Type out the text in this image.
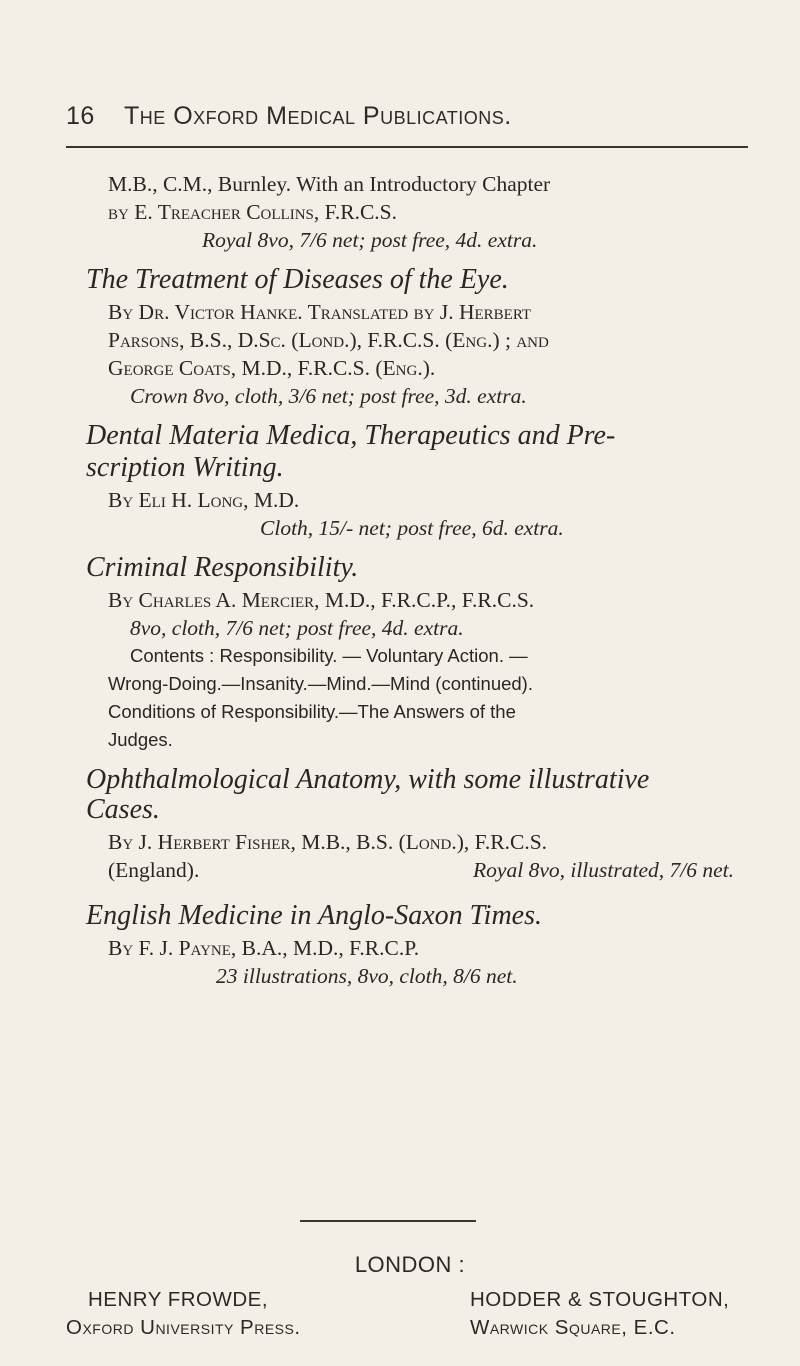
16 The Oxford Medical Publications.
M.B., C.M., Burnley. With an Introductory Chapter
by E. Treacher Collins, F.R.C.S.
Royal 8vo, 7/6 net; post free, 4d. extra.
The Treatment of Diseases of the Eye.
By Dr. Victor Hanke. Translated by J. Herbert
Parsons, B.S., D.Sc. (Lond.), F.R.C.S. (Eng.) ; and
George Coats, M.D., F.R.C.S. (Eng.).
Crown 8vo, cloth, 3/6 net; post free, 3d. extra.
Dental Materia Medica, Therapeutics and Pre-
scription Writing.
By Eli H. Long, M.D.
Cloth, 15/- net; post free, 6d. extra.
Criminal Responsibility.
By Charles A. Mercier, M.D., F.R.C.P., F.R.C.S.
8vo, cloth, 7/6 net; post free, 4d. extra.
Contents : Responsibility. — Voluntary Action. —
Wrong-Doing.—Insanity.—Mind.—Mind (continued).
Conditions of Responsibility.—The Answers of the
Judges.
Ophthalmological Anatomy, with some illustrative
Cases.
By J. Herbert Fisher, M.B., B.S. (Lond.), F.R.C.S.
(England).	Royal 8vo, illustrated, 7/6 net.
English Medicine in Anglo-Saxon Times.
By F. J. Payne, B.A., M.D., F.R.C.P.
23 illustrations, 8vo, cloth, 8/6 net.
LONDON :
HENRY FROWDE,	HODDER & STOUGHTON,
Oxford University Press.	Warwick Square, E.C.
